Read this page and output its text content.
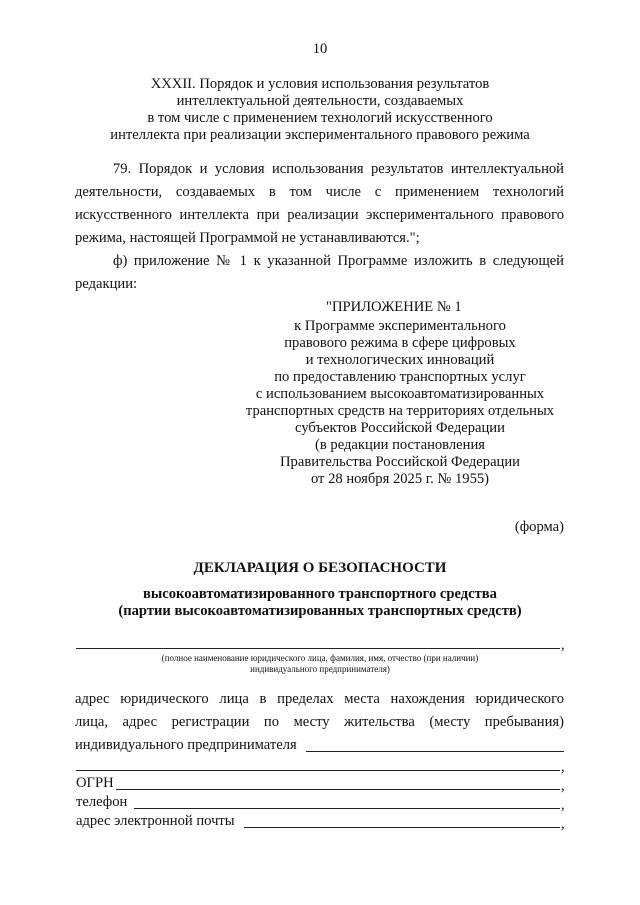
10
XXXII. Порядок и условия использования результатов
интеллектуальной деятельности, создаваемых
в том числе с применением технологий искусственного
интеллекта при реализации экспериментального правового режима
79. Порядок и условия использования результатов интеллектуальной
деятельности, создаваемых в том числе с применением технологий
искусственного интеллекта при реализации экспериментального правового
режима, настоящей Программой не устанавливаются.";
ф) приложение № 1 к указанной Программе изложить в следующей
редакции:
"ПРИЛОЖЕНИЕ № 1
к Программе экспериментального
правового режима в сфере цифровых
и технологических инноваций
по предоставлению транспортных услуг
с использованием высокоавтоматизированных
транспортных средств на территориях отдельных
субъектов Российской Федерации
(в редакции постановления
Правительства Российской Федерации
от 28 ноября 2025 г. № 1955)
(форма)
ДЕКЛАРАЦИЯ О БЕЗОПАСНОСТИ
высокоавтоматизированного транспортного средства
(партии высокоавтоматизированных транспортных средств)
,
(полное наименование юридического лица, фамилия, имя, отчество (при наличии)
индивидуального предпринимателя)
адрес юридического лица в пределах места нахождения юридического
лица, адрес регистрации по месту жительства (месту пребывания)
индивидуального предпринимателя
,
ОГРН	,
телефон	,
адрес электронной почты	,
